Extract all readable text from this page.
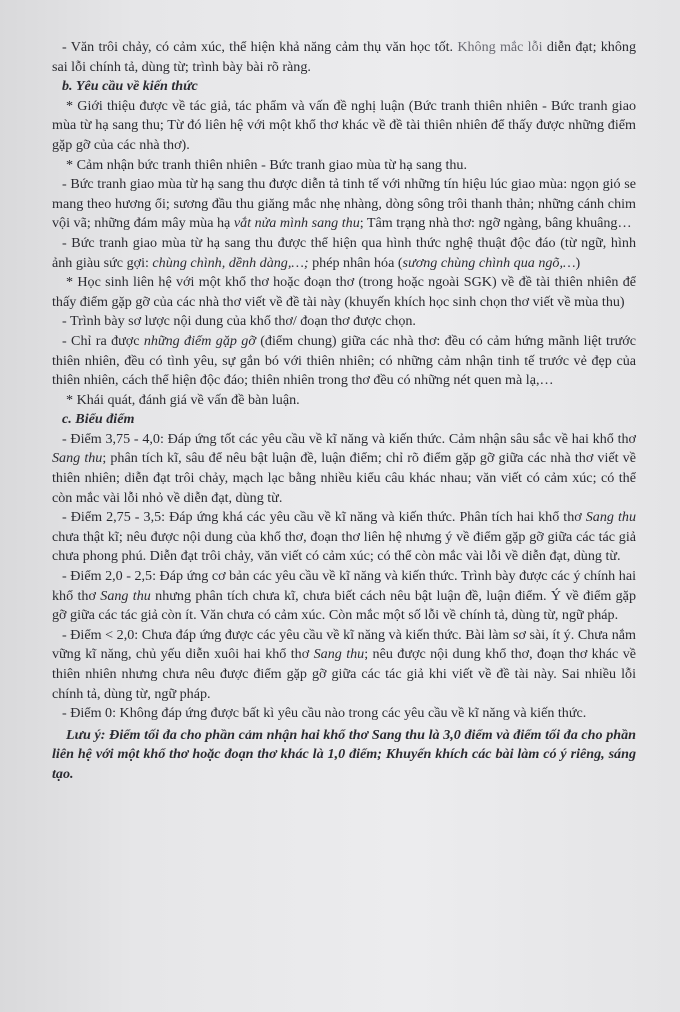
- Văn trôi chảy, có cảm xúc, thể hiện khả năng cảm thụ văn học tốt. Không mắc lỗi diễn đạt; không sai lỗi chính tả, dùng từ; trình bày bài rõ ràng.

b. Yêu cầu về kiến thức

* Giới thiệu được về tác giả, tác phẩm và vấn đề nghị luận (Bức tranh thiên nhiên - Bức tranh giao mùa từ hạ sang thu; Từ đó liên hệ với một khổ thơ khác về đề tài thiên nhiên để thấy được những điểm gặp gỡ của các nhà thơ).

* Cảm nhận bức tranh thiên nhiên - Bức tranh giao mùa từ hạ sang thu.

- Bức tranh giao mùa từ hạ sang thu được diễn tả tinh tế với những tín hiệu lúc giao mùa: ngọn gió se mang theo hương ổi; sương đầu thu giăng mắc nhẹ nhàng, dòng sông trôi thanh thản; những cánh chim vội vã; những đám mây mùa hạ vắt nửa mình sang thu; Tâm trạng nhà thơ: ngỡ ngàng, bâng khuâng…

- Bức tranh giao mùa từ hạ sang thu được thể hiện qua hình thức nghệ thuật độc đáo (từ ngữ, hình ảnh giàu sức gợi: chùng chình, dềnh dàng,…; phép nhân hóa (sương chùng chình qua ngõ,…)

* Học sinh liên hệ với một khổ thơ hoặc đoạn thơ (trong hoặc ngoài SGK) về đề tài thiên nhiên để thấy điểm gặp gỡ của các nhà thơ viết về đề tài này (khuyến khích học sinh chọn thơ viết về mùa thu)

- Trình bày sơ lược nội dung của khổ thơ/ đoạn thơ được chọn.

- Chỉ ra được những điểm gặp gỡ (điểm chung) giữa các nhà thơ: đều có cảm hứng mãnh liệt trước thiên nhiên, đều có tình yêu, sự gắn bó với thiên nhiên; có những cảm nhận tinh tế trước vẻ đẹp của thiên nhiên, cách thể hiện độc đáo; thiên nhiên trong thơ đều có những nét quen mà lạ,…

* Khái quát, đánh giá về vấn đề bàn luận.

c. Biểu điểm

- Điểm 3,75 - 4,0: Đáp ứng tốt các yêu cầu về kĩ năng và kiến thức. Cảm nhận sâu sắc về hai khổ thơ Sang thu; phân tích kĩ, sâu để nêu bật luận đề, luận điểm; chỉ rõ điểm gặp gỡ giữa các nhà thơ viết về thiên nhiên; diễn đạt trôi chảy, mạch lạc bằng nhiều kiểu câu khác nhau; văn viết có cảm xúc; có thể còn mắc vài lỗi nhỏ về diễn đạt, dùng từ.

- Điểm 2,75 - 3,5: Đáp ứng khá các yêu cầu về kĩ năng và kiến thức. Phân tích hai khổ thơ Sang thu chưa thật kĩ; nêu được nội dung của khổ thơ, đoạn thơ liên hệ nhưng ý về điểm gặp gỡ giữa các tác giả chưa phong phú. Diễn đạt trôi chảy, văn viết có cảm xúc; có thể còn mắc vài lỗi về diễn đạt, dùng từ.

- Điểm 2,0 - 2,5: Đáp ứng cơ bản các yêu cầu về kĩ năng và kiến thức. Trình bày được các ý chính hai khổ thơ Sang thu nhưng phân tích chưa kĩ, chưa biết cách nêu bật luận đề, luận điểm. Ý về điểm gặp gỡ giữa các tác giả còn ít. Văn chưa có cảm xúc. Còn mắc một số lỗi về chính tả, dùng từ, ngữ pháp.

- Điểm < 2,0: Chưa đáp ứng được các yêu cầu về kĩ năng và kiến thức. Bài làm sơ sài, ít ý. Chưa nắm vững kĩ năng, chủ yếu diễn xuôi hai khổ thơ Sang thu; nêu được nội dung khổ thơ, đoạn thơ khác về thiên nhiên nhưng chưa nêu được điểm gặp gỡ giữa các tác giả khi viết về đề tài này. Sai nhiều lỗi chính tả, dùng từ, ngữ pháp.

- Điểm 0: Không đáp ứng được bất kì yêu cầu nào trong các yêu cầu về kĩ năng và kiến thức.

Lưu ý: Điểm tối đa cho phần cảm nhận hai khổ thơ Sang thu là 3,0 điểm và điểm tối đa cho phần liên hệ với một khổ thơ hoặc đoạn thơ khác là 1,0 điểm; Khuyến khích các bài làm có ý riêng, sáng tạo.
